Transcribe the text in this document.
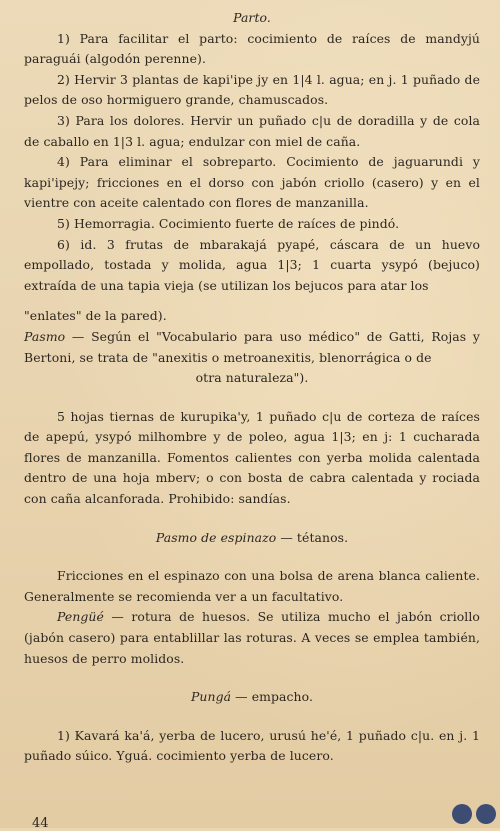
Parto.

1) Para facilitar el parto: cocimiento de raíces de mandyjú paraguái (algodón perenne).

2) Hervir 3 plantas de kapi'ipe jy en 1|4 l. agua; en j. 1 puñado de pelos de oso hormiguero grande, chamuscados.

3) Para los dolores. Hervir un puñado c|u de doradilla y de cola de caballo en 1|3 l. agua; endulzar con miel de caña.

4) Para eliminar el sobreparto. Cocimiento de jaguarundi y kapi'ipejy; fricciones en el dorso con jabón criollo (casero) y en el vientre con aceite calentado con flores de manzanilla.

5) Hemorragia. Cocimiento fuerte de raíces de pindó.

6) id. 3 frutas de mbarakajá pyapé, cáscara de un huevo empollado, tostada y molida, agua 1|3; 1 cuarta ysypó (bejuco) extraída de una tapia vieja (se utilizan los bejucos para atar los

"enlates" de la pared).

Pasmo — Según el "Vocabulario para uso médico" de Gatti, Rojas y Bertoni, se trata de "anexitis o metroanexitis, blenorrágica o de

otra naturaleza").

5 hojas tiernas de kurupika'y, 1 puñado c|u de corteza de raíces de apepú, ysypó milhombre y de poleo, agua 1|3; en j: 1 cucharada flores de manzanilla. Fomentos calientes con yerba molida calentada dentro de una hoja mberv; o con bosta de cabra calentada y rociada con caña alcanforada. Prohibido: sandías.

Pasmo de espinazo — tétanos.

Fricciones en el espinazo con una bolsa de arena blanca caliente. Generalmente se recomienda ver a un facultativo.

Pengüé — rotura de huesos. Se utiliza mucho el jabón criollo (jabón casero) para entablillar las roturas. A veces se emplea también, huesos de perro molidos.

Pungá — empacho.

1) Kavará ka'á, yerba de lucero, urusú he'é, 1 puñado c|u. en j. 1 puñado súico. Yguá. cocimiento yerba de lucero.

44
